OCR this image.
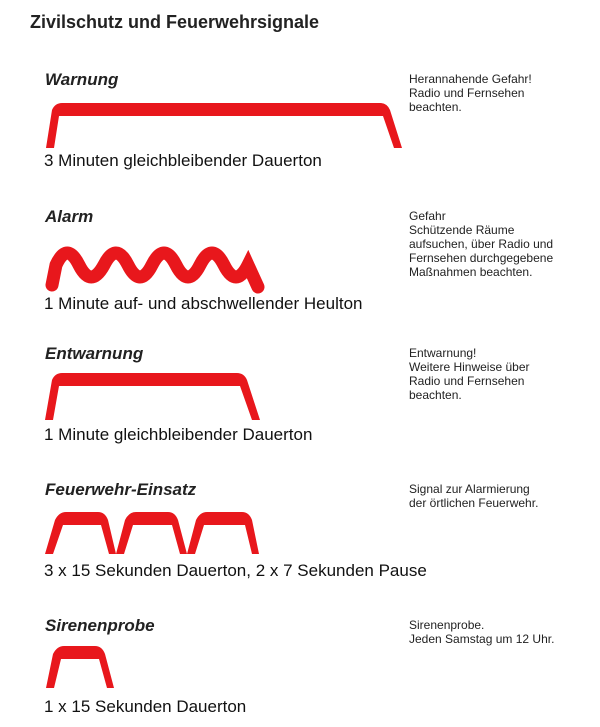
Zivilschutz und Feuerwehrsignale
Warnung
3 Minuten gleichbleibender Dauerton
Herannahende Gefahr!
Radio und Fernsehen
beachten.
Alarm
1 Minute auf- und abschwellender Heulton
Gefahr
Schützende Räume
aufsuchen, über Radio und
Fernsehen durchgegebene
Maßnahmen beachten.
Entwarnung
1 Minute gleichbleibender Dauerton
Entwarnung!
Weitere Hinweise über
Radio und Fernsehen
beachten.
Feuerwehr-Einsatz
3 x 15 Sekunden Dauerton, 2 x 7 Sekunden Pause
Signal zur Alarmierung
der örtlichen Feuerwehr.
Sirenenprobe
1 x 15 Sekunden Dauerton
Sirenenprobe.
Jeden Samstag um 12 Uhr.
